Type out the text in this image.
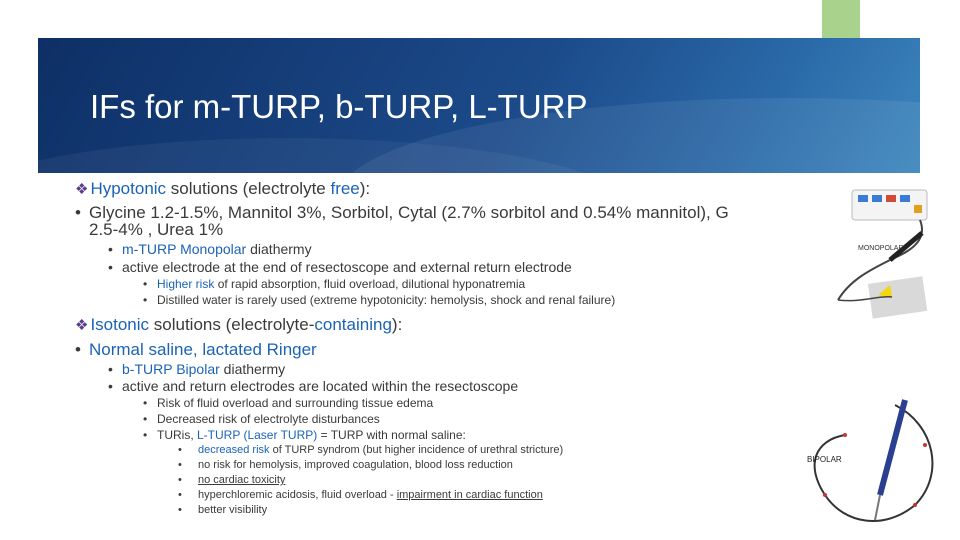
IFs for m-TURP, b-TURP, L-TURP
❖ Hypotonic solutions (electrolyte free):
• Glycine 1.2-1.5%, Mannitol 3%, Sorbitol, Cytal (2.7% sorbitol and 0.54% mannitol), G
2.5-4% , Urea 1%
• m-TURP Monopolar diathermy
• active electrode at the end of resectoscope and external return electrode
• Higher risk of rapid absorption, fluid overload, dilutional hyponatremia
• Distilled water is rarely used (extreme hypotonicity: hemolysis, shock and renal failure)
❖ Isotonic solutions (electrolyte-containing):
• Normal saline, lactated Ringer
• b-TURP Bipolar diathermy
• active and return electrodes are located within the resectoscope
• Risk of fluid overload and surrounding tissue edema
• Decreased risk of electrolyte disturbances
• TURis, L-TURP (Laser TURP) = TURP with normal saline:
• decreased risk of TURP syndrom (but higher incidence of urethral stricture)
• no risk for hemolysis, improved coagulation, blood loss reduction
• no cardiac toxicity
• hyperchloremic acidosis, fluid overload - impairment in cardiac function
• better visibility
MONOPOLAR
BIPOLAR
